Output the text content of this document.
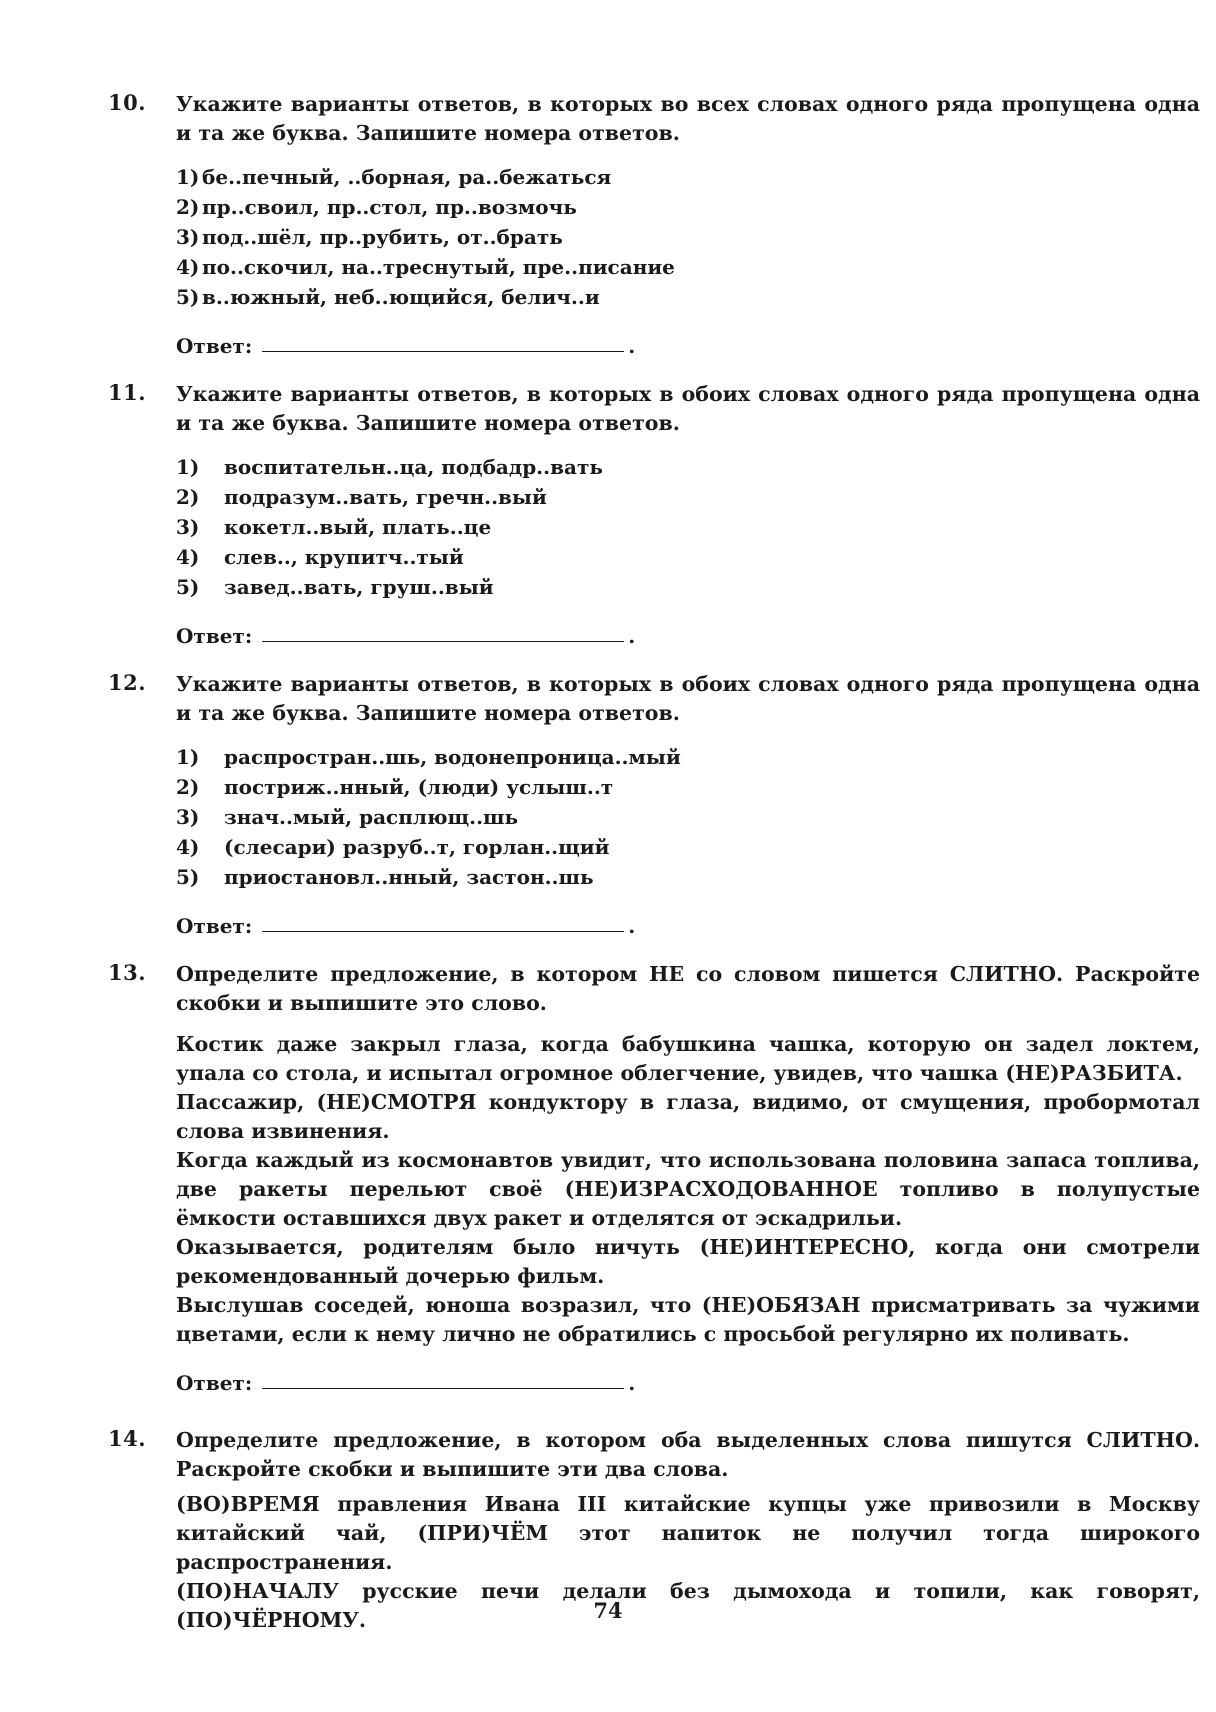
10. Укажите варианты ответов, в которых во всех словах одного ряда пропущена одна и та же буква. Запишите номера ответов.

1) бе..печный, ..борная, ра..бежаться
2) пр..своил, пр..стол, пр..возмочь
3) под..шёл, пр..рубить, от..брать
4) по..скочил, на..треснутый, пре..писание
5) в..южный, неб..ющийся, белич..и
Ответ:	.
11. Укажите варианты ответов, в которых в обоих словах одного ряда пропущена одна и та же буква. Запишите номера ответов.

1)	воспитательн..ца, подбадр..вать
2)	подразум..вать, гречн..вый
3)	кокетл..вый, плать..це
4)	слев.., крупитч..тый
5)	завед..вать, груш..вый
Ответ:	.
12. Укажите варианты ответов, в которых в обоих словах одного ряда пропущена одна и та же буква. Запишите номера ответов.

1)	распростран..шь, водонепроница..мый
2)	постриж..нный, (люди) услыш..т
3)	знач..мый, расплющ..шь
4)	(слесари) разруб..т, горлан..щий
5)	приостановл..нный, застон..шь
Ответ:	.
13. Определите предложение, в котором НЕ со словом пишется СЛИТНО. Раскройте скобки и выпишите это слово.

Костик даже закрыл глаза, когда бабушкина чашка, которую он задел локтем, упала со стола, и испытал огромное облегчение, увидев, что чашка (НЕ)РАЗБИТА.

Пассажир, (НЕ)СМОТРЯ кондуктору в глаза, видимо, от смущения, пробормотал слова извинения.

Когда каждый из космонавтов увидит, что использована половина запаса топлива, две ракеты перельют своё (НЕ)ИЗРАСХОДОВАННОЕ топливо в полупустые ёмкости оставшихся двух ракет и отделятся от эскадрильи.

Оказывается, родителям было ничуть (НЕ)ИНТЕРЕСНО, когда они смотрели рекомендованный дочерью фильм.

Выслушав соседей, юноша возразил, что (НЕ)ОБЯЗАН присматривать за чужими цветами, если к нему лично не обратились с просьбой регулярно их поливать.

Ответ:	.
14. Определите предложение, в котором оба выделенных слова пишутся СЛИТНО. Раскройте скобки и выпишите эти два слова.

(ВО)ВРЕМЯ правления Ивана III китайские купцы уже привозили в Москву китайский чай, (ПРИ)ЧЁМ этот напиток не получил тогда широкого распространения.

(ПО)НАЧАЛУ русские печи делали без дымохода и топили, как говорят, (ПО)ЧЁРНОМУ.	74
